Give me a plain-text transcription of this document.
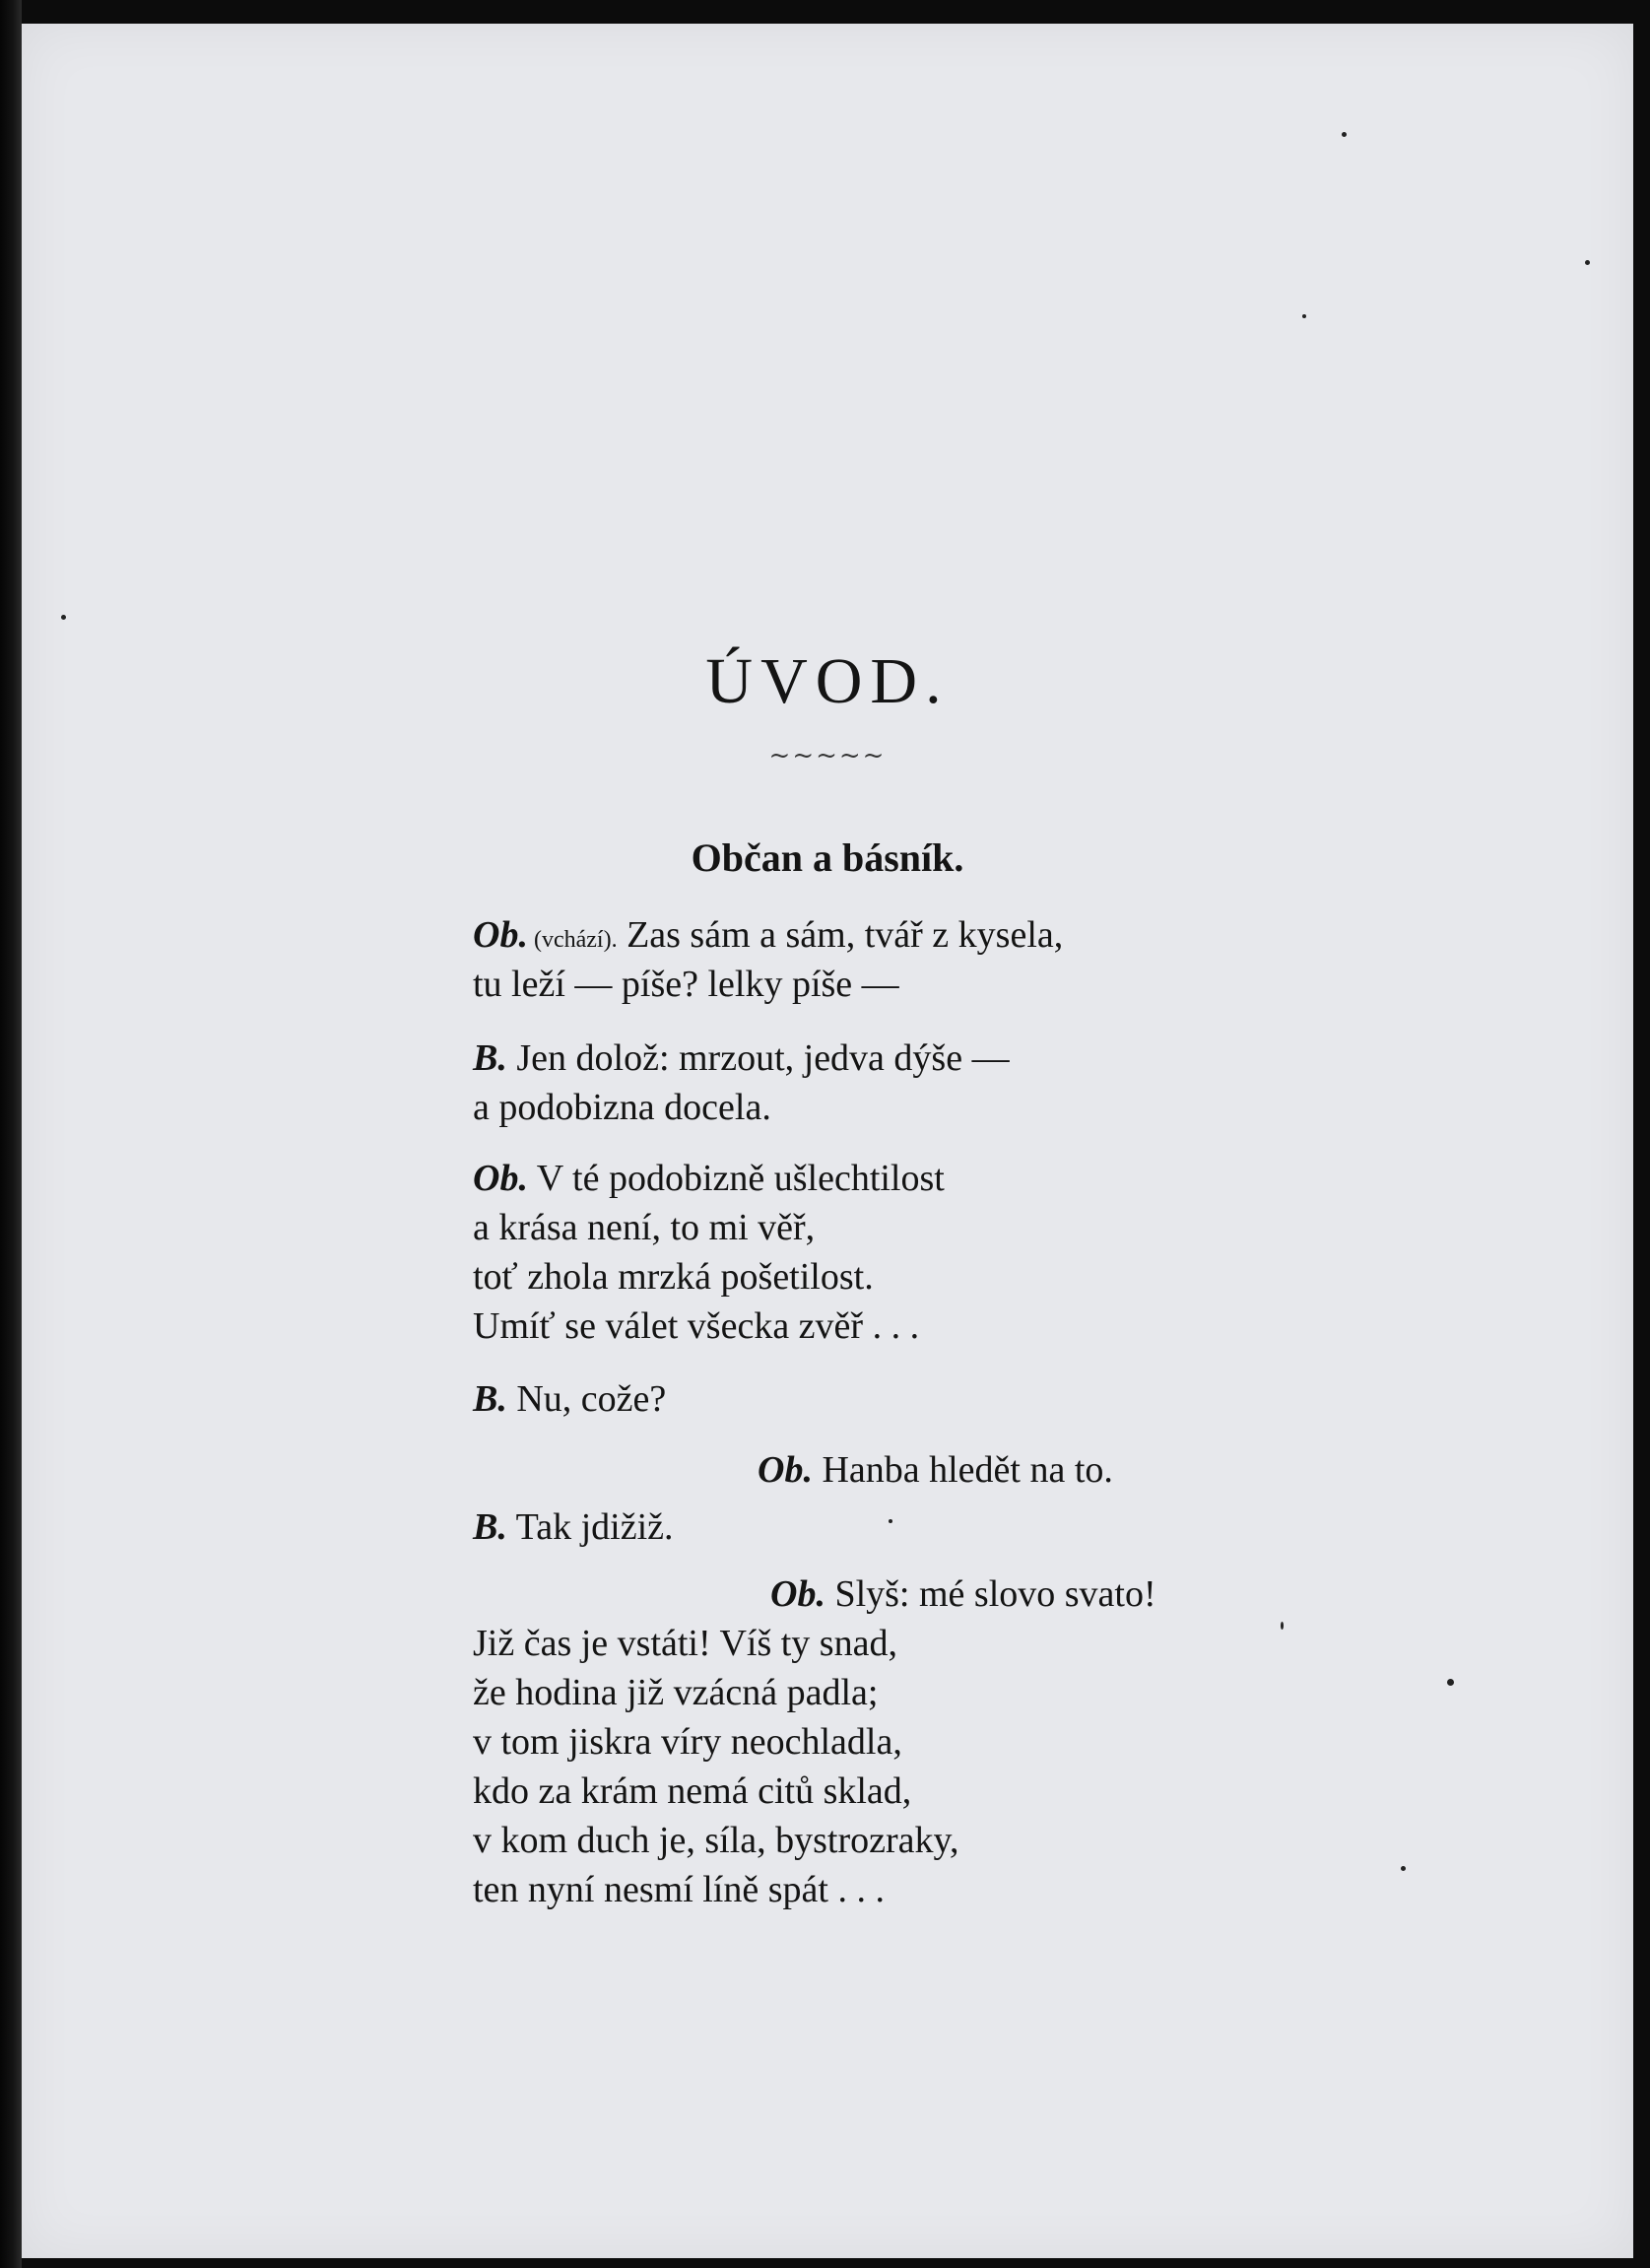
ÚVOD.
~~~~~
Občan a básník.
Ob. (vchází). Zas sám a sám, tvář z kysela,
tu leží — píše? lelky píše —
B. Jen dolož: mrzout, jedva dýše —
a podobizna docela.
Ob. V té podobizně ušlechtilost
a krása není, to mi věř,
toť zhola mrzká pošetilost.
Umíť se válet všecka zvěř . . .
B. Nu, cože?
Ob. Hanba hledět na to.
B. Tak jdižiž.
Ob. Slyš: mé slovo svato!
Již čas je vstáti! Víš ty snad,
že hodina již vzácná padla;
v tom jiskra víry neochladla,
kdo za krám nemá citů sklad,
v kom duch je, síla, bystrozraky,
ten nyní nesmí líně spát . . .
